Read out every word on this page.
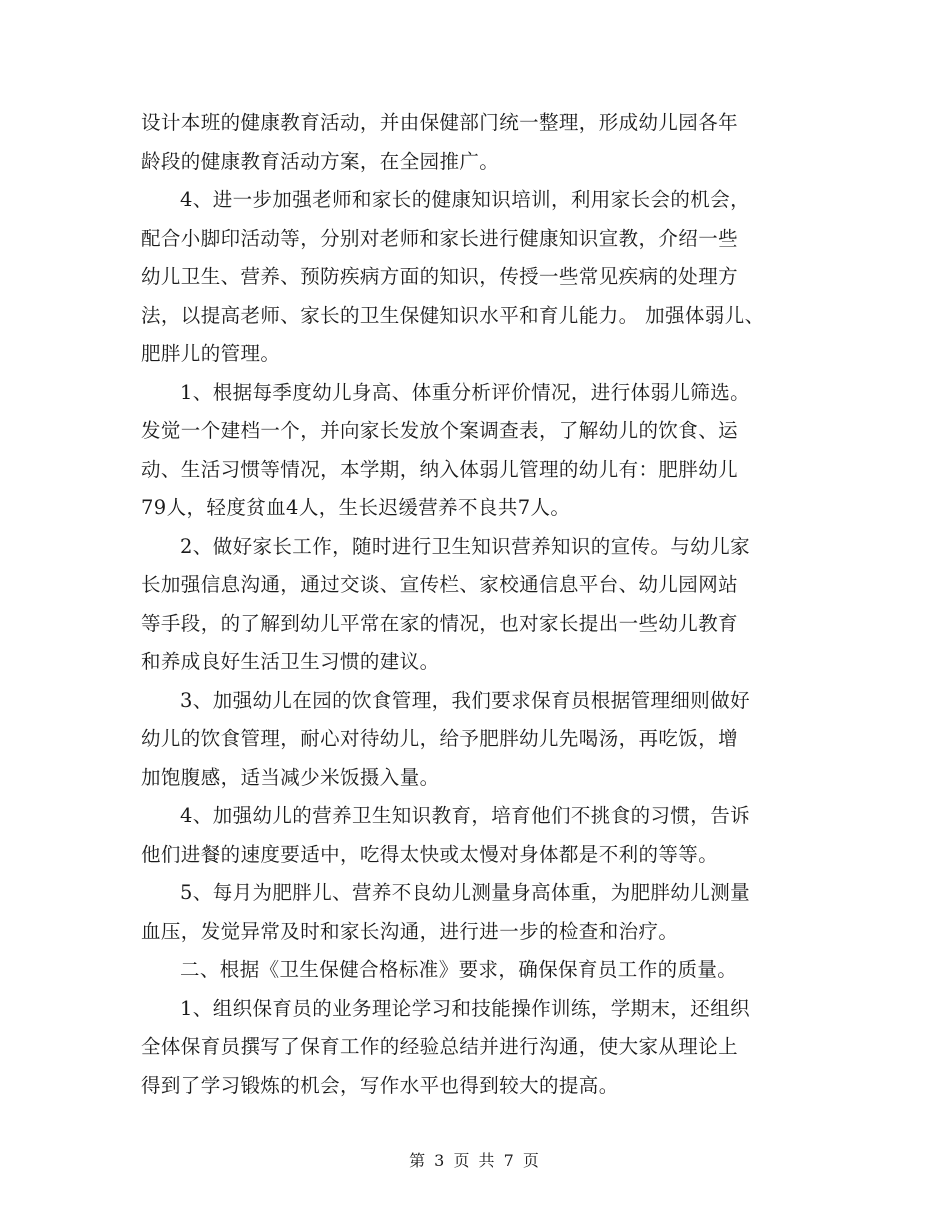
设计本班的健康教育活动，并由保健部门统一整理，形成幼儿园各年
龄段的健康教育活动方案，在全园推广。
4、进一步加强老师和家长的健康知识培训，利用家长会的机会，
配合小脚印活动等，分别对老师和家长进行健康知识宣教，介绍一些
幼儿卫生、营养、预防疾病方面的知识，传授一些常见疾病的处理方
法，以提高老师、家长的卫生保健知识水平和育儿能力。 加强体弱儿、
肥胖儿的管理。
1、根据每季度幼儿身高、体重分析评价情况，进行体弱儿筛选。
发觉一个建档一个，并向家长发放个案调查表，了解幼儿的饮食、运
动、生活习惯等情况，本学期，纳入体弱儿管理的幼儿有：肥胖幼儿
79人，轻度贫血4人，生长迟缓营养不良共7人。
2、做好家长工作，随时进行卫生知识营养知识的宣传。与幼儿家
长加强信息沟通，通过交谈、宣传栏、家校通信息平台、幼儿园网站
等手段，的了解到幼儿平常在家的情况，也对家长提出一些幼儿教育
和养成良好生活卫生习惯的建议。
3、加强幼儿在园的饮食管理，我们要求保育员根据管理细则做好
幼儿的饮食管理，耐心对待幼儿，给予肥胖幼儿先喝汤，再吃饭，增
加饱腹感，适当减少米饭摄入量。
4、加强幼儿的营养卫生知识教育，培育他们不挑食的习惯，告诉
他们进餐的速度要适中，吃得太快或太慢对身体都是不利的等等。
5、每月为肥胖儿、营养不良幼儿测量身高体重，为肥胖幼儿测量
血压，发觉异常及时和家长沟通，进行进一步的检查和治疗。
二、根据《卫生保健合格标准》要求，确保保育员工作的质量。
1、组织保育员的业务理论学习和技能操作训练，学期末，还组织
全体保育员撰写了保育工作的经验总结并进行沟通，使大家从理论上
得到了学习锻炼的机会，写作水平也得到较大的提高。
第 3 页 共 7 页
